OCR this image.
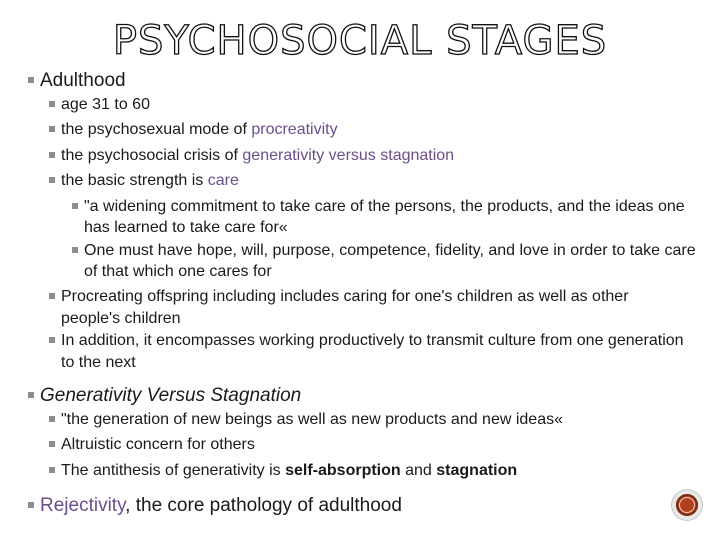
PSYCHOSOCIAL STAGES
Adulthood
age 31 to 60
the psychosexual mode of procreativity
the psychosocial crisis of generativity versus stagnation
the basic strength is care
"a widening commitment to take care of the persons, the products, and the ideas one has learned to take care for«
One must have hope, will, purpose, competence, fidelity, and love in order to take care of that which one cares for
Procreating offspring including includes caring for one's children as well as other people's children
In addition, it encompasses working productively to transmit culture from one generation to the next
Generativity Versus Stagnation
"the generation of new beings as well as new products and new ideas«
Altruistic concern for others
The antithesis of generativity is self-absorption and stagnation
Rejectivity, the core pathology of adulthood
